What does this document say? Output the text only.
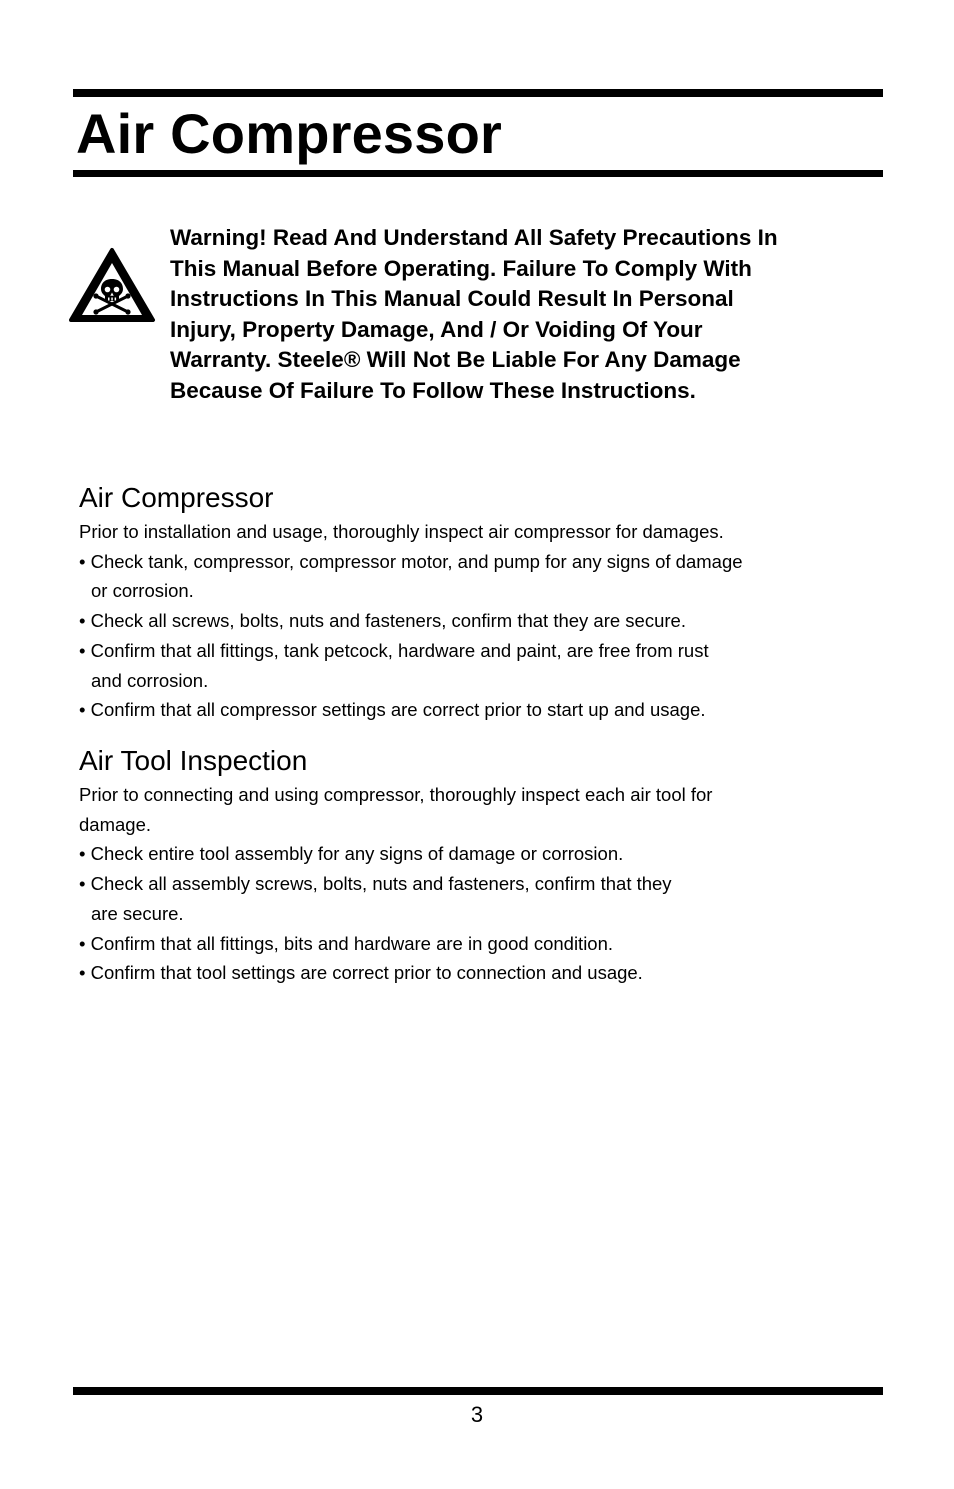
Air Compressor
Warning! Read And Understand All Safety Precautions In
This Manual Before Operating. Failure To Comply With
Instructions In This Manual Could Result In Personal
Injury, Property Damage, And / Or Voiding Of Your
Warranty. Steele® Will Not Be Liable For Any Damage
Because Of Failure To Follow These Instructions.
Air Compressor
Prior to installation and usage, thoroughly inspect air compressor for damages.
• Check tank, compressor, compressor motor, and pump for any signs of damage
or corrosion.
• Check all screws, bolts, nuts and fasteners, confirm that they are secure.
• Confirm that all fittings, tank petcock, hardware and paint, are free from rust
and corrosion.
• Confirm that all compressor settings are correct prior to start up and usage.
Air Tool Inspection
Prior to connecting and using compressor, thoroughly inspect each air tool for
damage.
• Check entire tool assembly for any signs of damage or corrosion.
• Check all assembly screws, bolts, nuts and fasteners, confirm that they
are secure.
• Confirm that all fittings, bits and hardware are in good condition.
• Confirm that tool settings are correct prior to connection and usage.
3
